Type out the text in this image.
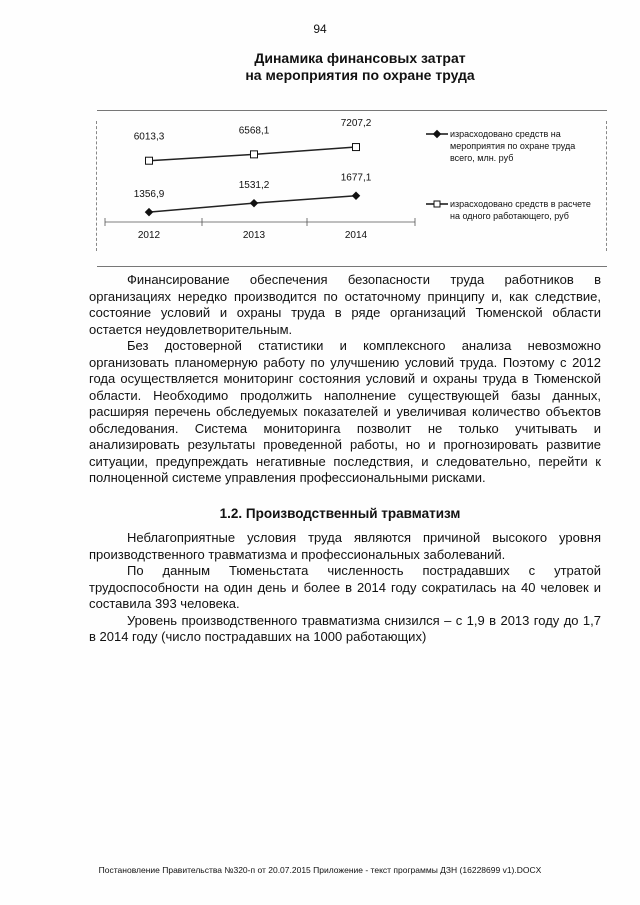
94
Динамика финансовых затрат
на мероприятия по охране труда
1356,9
1531,2
1677,1
6013,3
6568,1
7207,2
2012	2013	2014
израсходовано средств на мероприятия по охране труда всего, млн. руб
израсходовано средств в расчете на одного работающего, руб

Финансирование обеспечения безопасности труда работников в организациях нередко производится по остаточному принципу и, как следствие, состояние условий и охраны труда в ряде организаций Тюменской области остается неудовлетворительным.

Без достоверной статистики и комплексного анализа невозможно организовать планомерную работу по улучшению условий труда. Поэтому с 2012 года осуществляется мониторинг состояния условий и охраны труда в Тюменской области. Необходимо продолжить наполнение существующей базы данных, расширяя перечень обследуемых показателей и увеличивая количество объектов обследования. Система мониторинга позволит не только учитывать и анализировать результаты проведенной работы, но и прогнозировать развитие ситуации, предупреждать негативные последствия, и следовательно, перейти к полноценной системе управления профессиональными рисками.

1.2. Производственный травматизм

Неблагоприятные условия труда являются причиной высокого уровня производственного травматизма и профессиональных заболеваний.

По данным Тюменьстата численность пострадавших с утратой трудоспособности на один день и более в 2014 году сократилась на 40 человек и составила 393 человека.

Уровень производственного травматизма снизился – с 1,9 в 2013 году до 1,7 в 2014 году (число пострадавших на 1000 работающих)

Постановление Правительства №320-п от 20.07.2015 Приложение - текст программы ДЗН (16228699 v1).DOCX
